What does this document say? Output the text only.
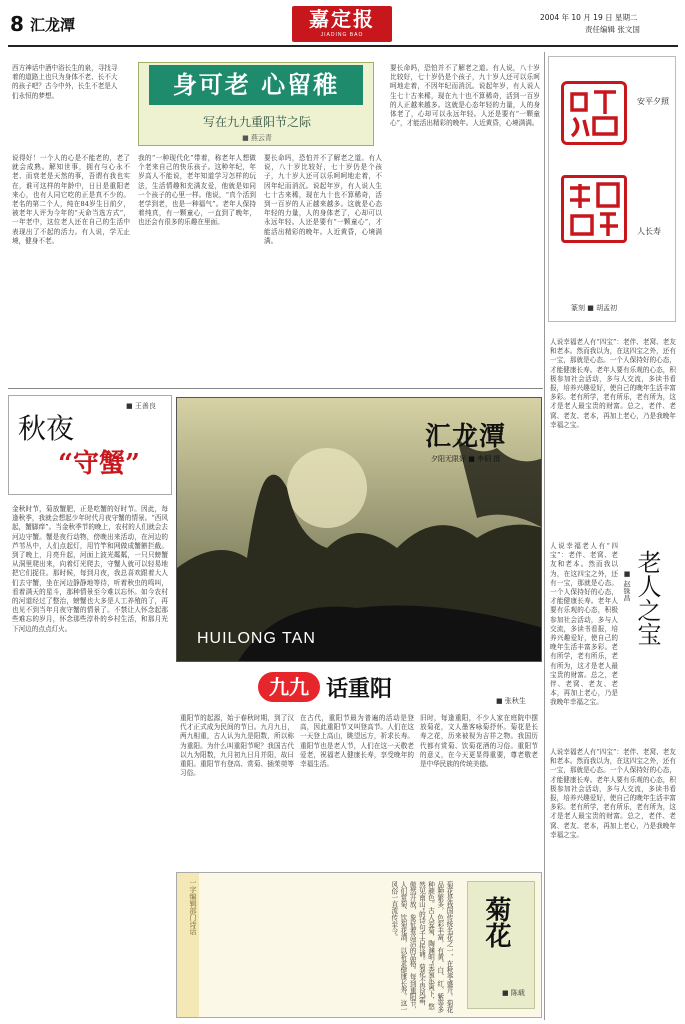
8 汇龙潭	嘉定报
JIADING BAO
2004 年 10 月 19 日 星期二
责任编辑 张文国
西方神话中酒中浴长生的泉，寻找寻着的道路上也只为身体不老、长不大的孩子吧？古今中外，长生不老是人们永恒的梦想。	身可老 心留稚
写在九九重阳节之际
■ 燕云青
说得好！一个人的心是不能老的，老了就会成熟。解知世事，拥有与心永不老、而衰老是天然的事，吾谓有我也实在，谁可这样的年龄中，日日是重阳老来心，也有人同它吃的正是真不少的。老名的第二个人，纯在84岁生日前夕，被老年人评为今年的“天命当选方式”，一年老中，这位老人还在自己的生活中表现出了不起的活力。有人说，学无止境，健身不老。
我的“一种现代化”带着，称老年人想做个老来自己的快乐孩子。这种年纪，年岁高人不能说，老年知道学习怎样的玩法，生活情趣和充满友爱，他就是如同一个孩子的心里一样。他说，“真个活到老学到老，也是一种福气”。老年人保持着纯真，有一颗童心，一直到了晚年，也还会有很多的乐趣在里面。
要长命吗，恐怕并不了解老之道。有人说，八十岁比较好，七十岁仍是个孩子，九十岁人还可以乐呵呵地走着，不因年纪而消沉。说起年岁，有人说人生七十古来稀，现在九十也不算稀奇，活到一百岁的人正越来越多。这就是心态年轻的力量，人的身体老了，心却可以永远年轻。人还是要有“一颗童心”，才能活出精彩的晚年。人近黄昏，心境满满。
要长命吗，恐怕并不了解老之道。有人说，八十岁比较好，七十岁仍是个孩子，九十岁人还可以乐呵呵地走着，不因年纪而消沉。说起年岁，有人说人生七十古来稀，现在九十也不算稀奇，活到一百岁的人正越来越多。这就是心态年轻的力量，人的身体老了，心却可以永远年轻。人还是要有“一颗童心”，才能活出精彩的晚年。人近黄昏，心境满满。
安平夕照
人长寿
篆刻 ■ 胡孟初
秋夜
“守蟹”
■ 王善良
金秋时节，菊放蟹肥，正是吃蟹的好时节。因此，每逢秋季，我就会想起少年时代月夜守蟹的情景。“西风起，蟹脚痒”。当金秋季节的晚上，农村的人们就会去河边守蟹。蟹是夜行动物，傍晚出来活动，在河边的芦苇丛中，人们点起灯，用竹竿和网做成蟹簖拦截。到了晚上，月亮升起，河面上波光粼粼，一只只螃蟹从洞里爬出来，向着灯光爬去，守蟹人就可以轻易地把它们捉住。那时候，每到月夜，我总喜欢跟着大人们去守蟹，坐在河边静静地等待，听着秋虫的鸣叫，看着满天的星斗，那种情景至今难以忘怀。如今农村的河道经过了整治，螃蟹也大多是人工养殖的了，再也见不到当年月夜守蟹的情景了。不禁让人怀念起那些难忘的岁月，怀念那些淳朴的乡村生活，和那月光下河边的点点灯火。
汇龙潭
夕阳无限好 ■ 李侗 摄
HUILONG TAN
九九 话重阳	■ 张秋生
重阳节的起源，始于春秋时期，到了汉代才正式成为民间的节日。九月九日，两九相重，古人认为九是阳数，所以称为重阳。为什么叫重阳节呢？我国古代以九为阳数，九月初九日月并阳，故曰重阳。重阳节有登高、赏菊、插茱萸等习俗。
在古代，重阳节最为普遍的活动是登高，因此重阳节又叫登高节。人们在这一天登上高山，眺望远方，祈求长寿。重阳节也是老人节，人们在这一天敬老爱老，祝福老人健康长寿，享受晚年的幸福生活。
旧时，每逢重阳，不少人家在庭院中摆放菊花，文人墨客咏菊抒怀。菊花是长寿之花，历来被视为吉祥之物。我国历代都有赏菊、饮菊花酒的习俗。重阳节的意义，在今天更显得重要，尊老敬老是中华民族的传统美德。
一字编辑部门诗话	菊花是我国传统名花之一，在秋季盛开。菊花品种繁多，色彩丰富，有黄、白、红、紫等多种颜色。古人爱菊，陶渊明“采菊东篱下，悠然见南山”的诗句千古传诵。菊花不畏风霜，傲然开放，象征着高洁的品格。每到重阳节，人们赏菊、饮菊花酒，以祈求健康长寿，这一风俗一直流传至今。	菊花
■ 陈载
人说幸福老人有“四宝”：老伴、老窝、老友和老本。然而我以为，在这四宝之外，还有一宝，那就是心态。一个人保持好的心态，才能健康长寿。老年人要有乐观的心态，积极参加社会活动，多与人交流，多读书看报，培养兴趣爱好，使自己的晚年生活丰富多彩。老有所学，老有所乐，老有所为，这才是老人最宝贵的财富。总之，老伴、老窝、老友、老本，再加上老心，乃是我晚年幸福之宝。
人说幸福老人有“四宝”：老伴、老窝、老友和老本。然而我以为，在这四宝之外，还有一宝，那就是心态。一个人保持好的心态，才能健康长寿。老年人要有乐观的心态，积极参加社会活动，多与人交流，多读书看报，培养兴趣爱好，使自己的晚年生活丰富多彩。老有所学，老有所乐，老有所为，这才是老人最宝贵的财富。总之，老伴、老窝、老友、老本，再加上老心，乃是我晚年幸福之宝。
老人之宝
■ 赵铢昌
人说幸福老人有“四宝”：老伴、老窝、老友和老本。然而我以为，在这四宝之外，还有一宝，那就是心态。一个人保持好的心态，才能健康长寿。老年人要有乐观的心态，积极参加社会活动，多与人交流，多读书看报，培养兴趣爱好，使自己的晚年生活丰富多彩。老有所学，老有所乐，老有所为，这才是老人最宝贵的财富。总之，老伴、老窝、老友、老本，再加上老心，乃是我晚年幸福之宝。
